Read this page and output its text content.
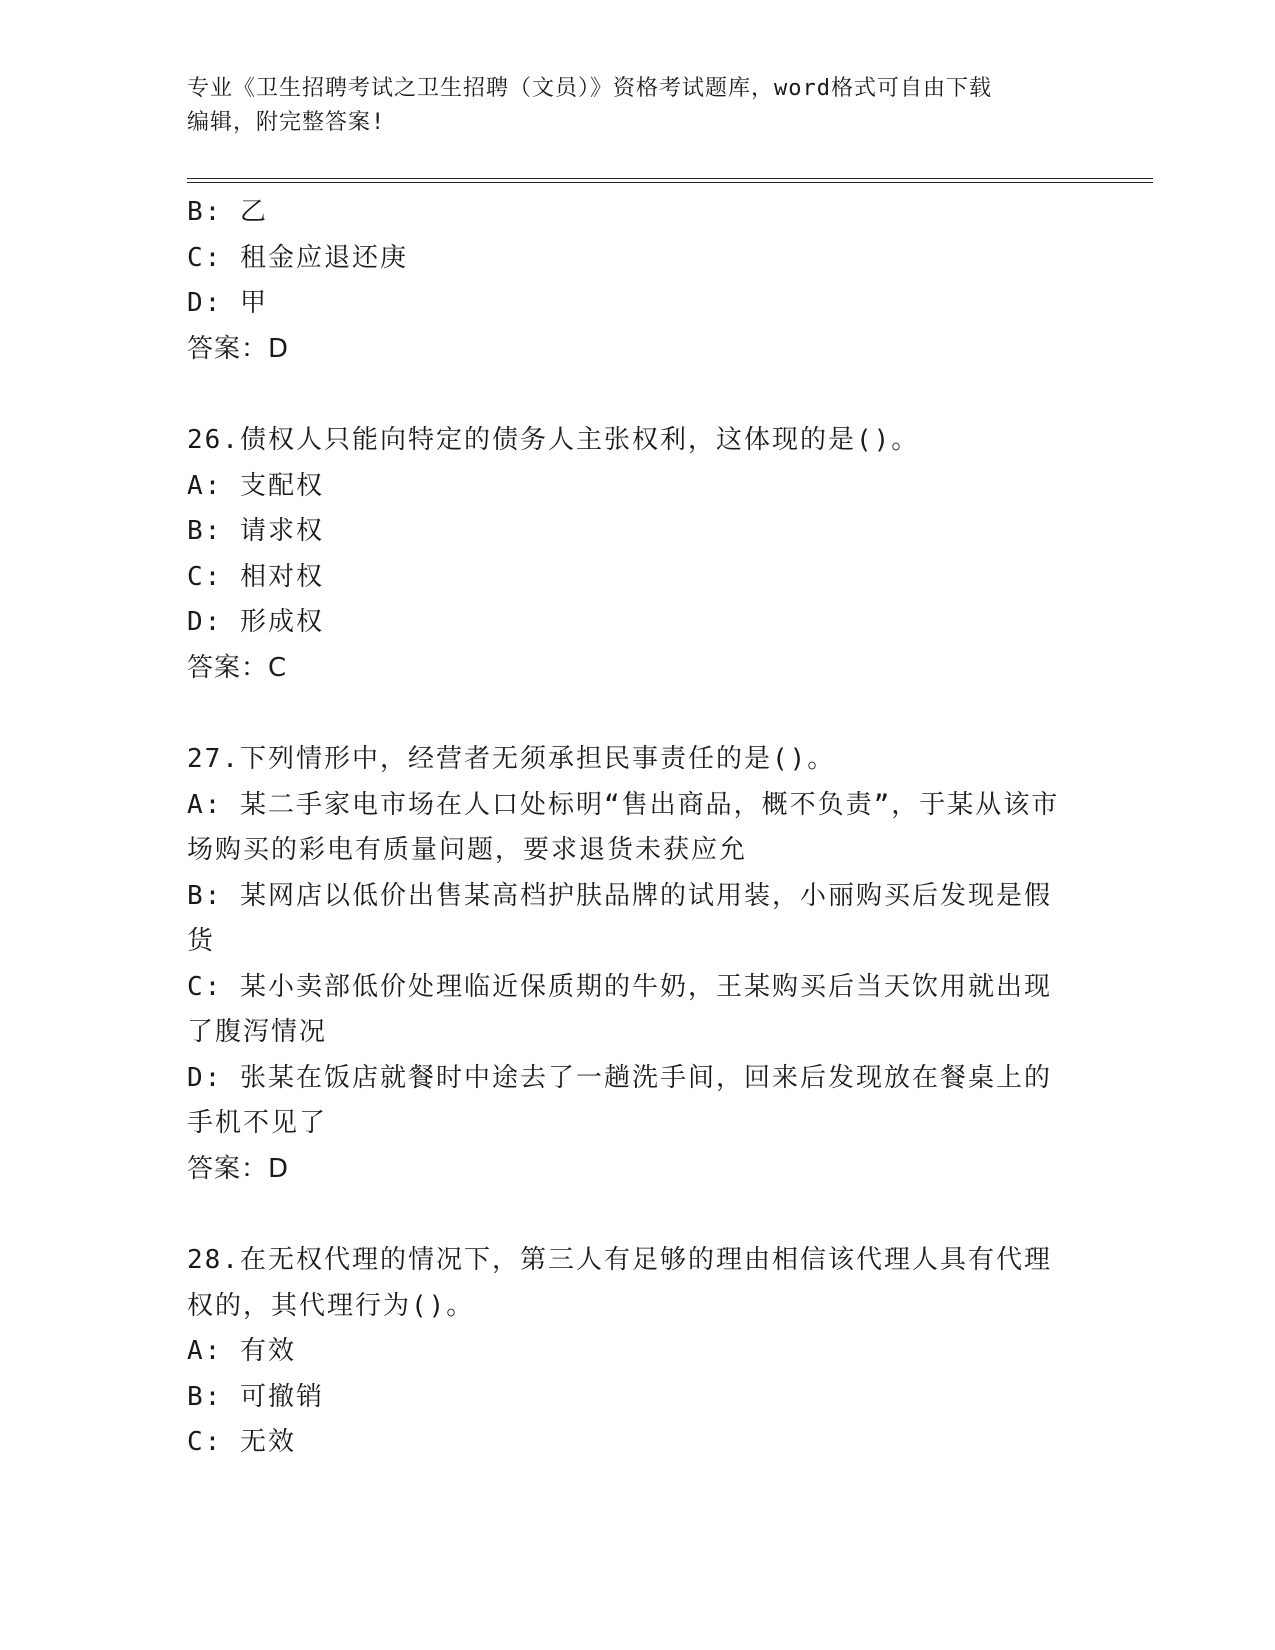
专业《卫生招聘考试之卫生招聘（文员）》资格考试题库，word格式可自由下载
编辑，附完整答案!

B: 乙

C: 租金应退还庚

D: 甲

答案：D

26.债权人只能向特定的债务人主张权利，这体现的是()。

A: 支配权

B: 请求权

C: 相对权

D: 形成权

答案：C

27.下列情形中，经营者无须承担民事责任的是()。

A: 某二手家电市场在人口处标明“售出商品，概不负责”，于某从该市场购买的彩电有质量问题，要求退货未获应允

B: 某网店以低价出售某高档护肤品牌的试用装，小丽购买后发现是假货

C: 某小卖部低价处理临近保质期的牛奶，王某购买后当天饮用就出现了腹泻情况

D: 张某在饭店就餐时中途去了一趟洗手间，回来后发现放在餐桌上的手机不见了

答案：D

28.在无权代理的情况下，第三人有足够的理由相信该代理人具有代理权的，其代理行为()。

A: 有效

B: 可撤销

C: 无效
